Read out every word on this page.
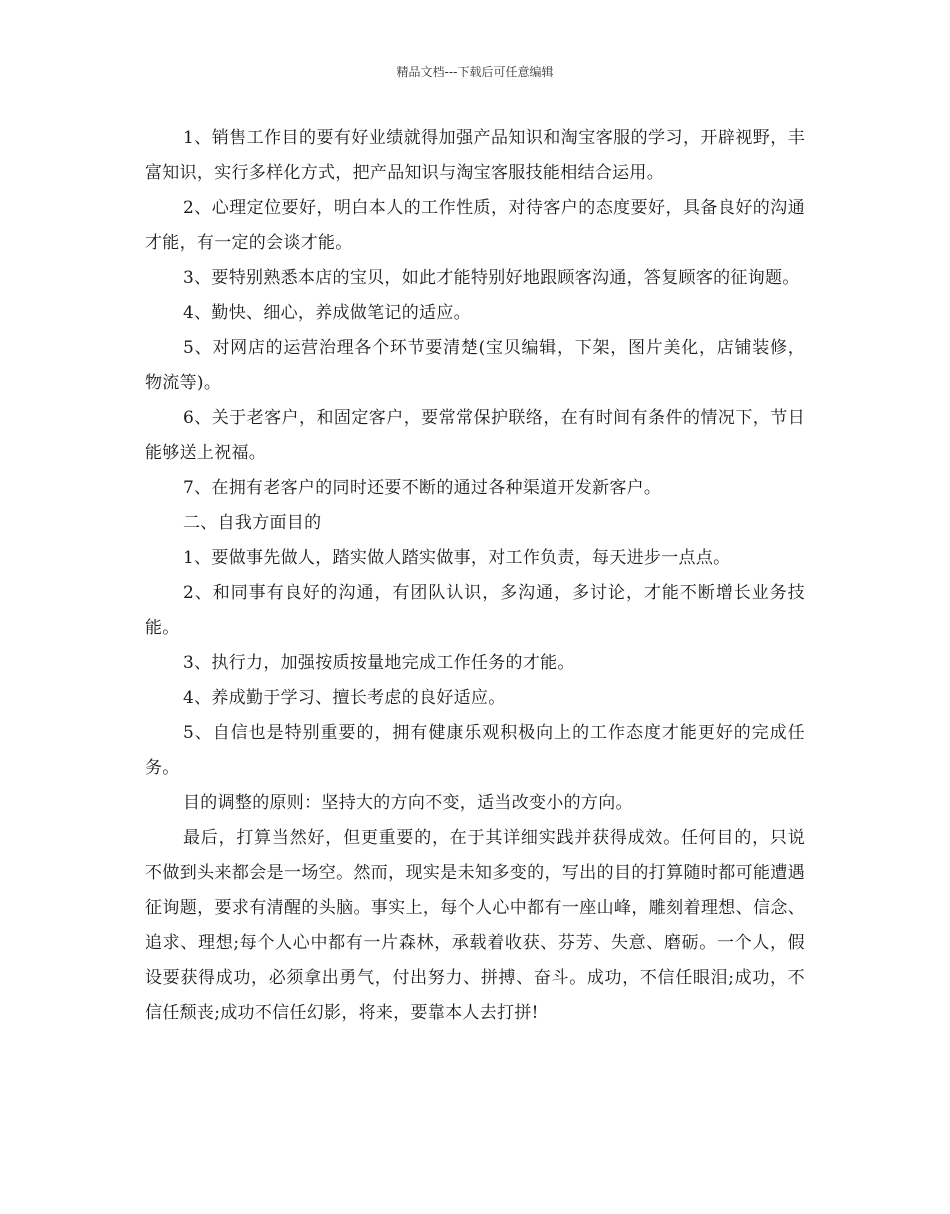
精品文档---下载后可任意编辑

1、销售工作目的要有好业绩就得加强产品知识和淘宝客服的学习，开辟视野，丰富知识，实行多样化方式，把产品知识与淘宝客服技能相结合运用。

2、心理定位要好，明白本人的工作性质，对待客户的态度要好，具备良好的沟通才能，有一定的会谈才能。

3、要特别熟悉本店的宝贝，如此才能特别好地跟顾客沟通，答复顾客的征询题。

4、勤快、细心，养成做笔记的适应。

5、对网店的运营治理各个环节要清楚(宝贝编辑，下架，图片美化，店铺装修，物流等)。

6、关于老客户，和固定客户，要常常保护联络，在有时间有条件的情况下，节日能够送上祝福。

7、在拥有老客户的同时还要不断的通过各种渠道开发新客户。

二、自我方面目的

1、要做事先做人，踏实做人踏实做事，对工作负责，每天进步一点点。

2、和同事有良好的沟通，有团队认识，多沟通，多讨论，才能不断增长业务技能。

3、执行力，加强按质按量地完成工作任务的才能。

4、养成勤于学习、擅长考虑的良好适应。

5、自信也是特别重要的，拥有健康乐观积极向上的工作态度才能更好的完成任务。

目的调整的原则：坚持大的方向不变，适当改变小的方向。

最后，打算当然好，但更重要的，在于其详细实践并获得成效。任何目的，只说不做到头来都会是一场空。然而，现实是未知多变的，写出的目的打算随时都可能遭遇征询题，要求有清醒的头脑。事实上，每个人心中都有一座山峰，雕刻着理想、信念、追求、理想;每个人心中都有一片森林，承载着收获、芬芳、失意、磨砺。一个人，假设要获得成功，必须拿出勇气，付出努力、拼搏、奋斗。成功，不信任眼泪;成功，不信任颓丧;成功不信任幻影，将来，要靠本人去打拼!
